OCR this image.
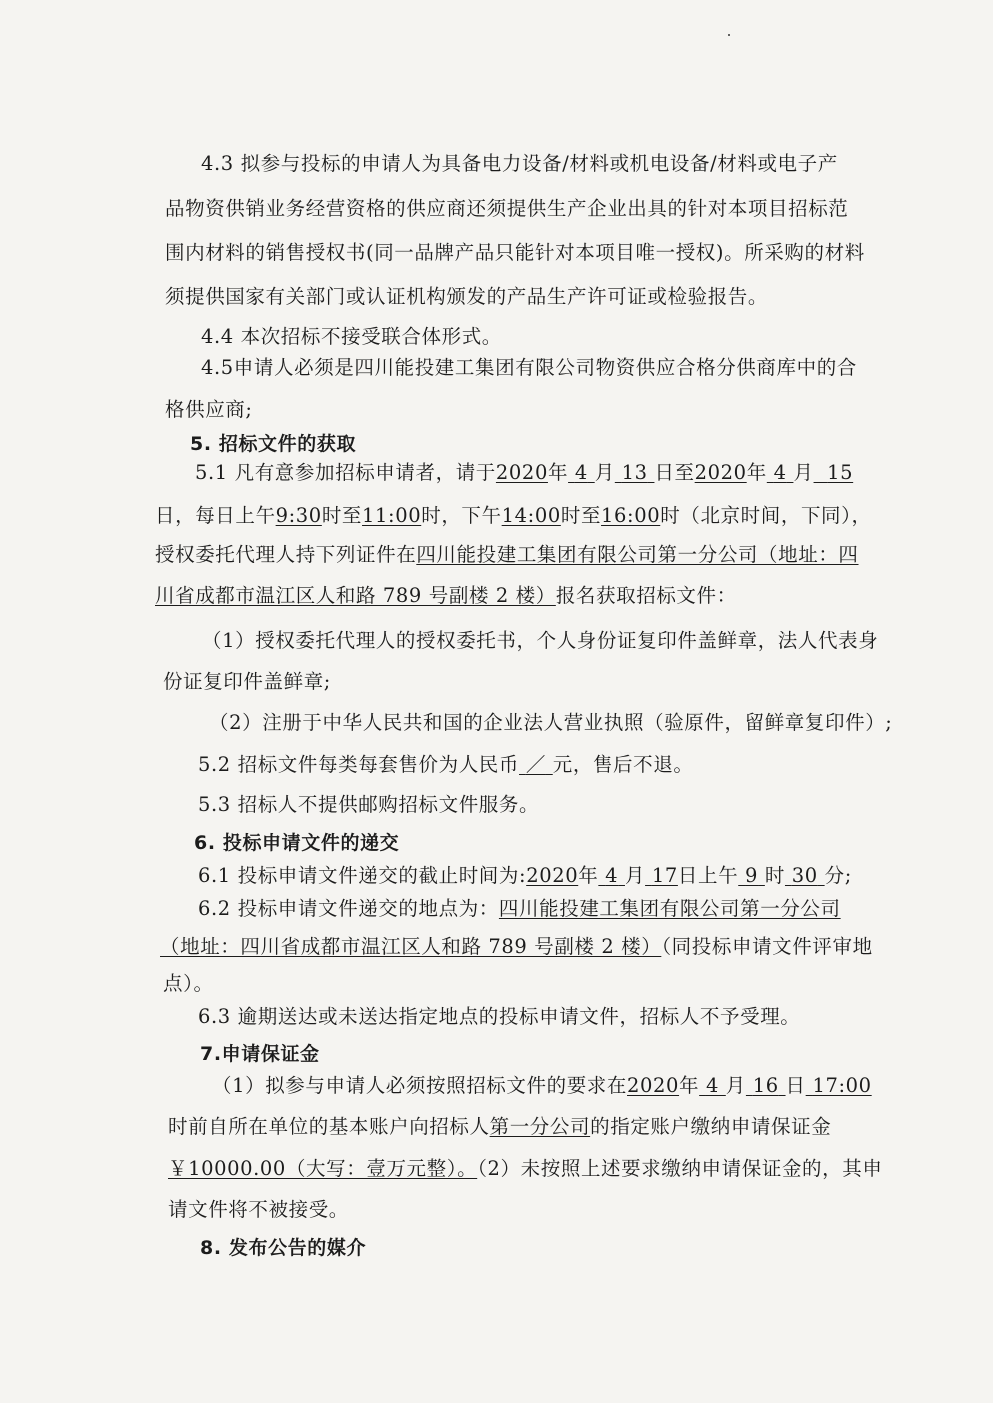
4.3 拟参与投标的申请人为具备电力设备/材料或机电设备/材料或电子产
品物资供销业务经营资格的供应商还须提供生产企业出具的针对本项目招标范
围内材料的销售授权书(同一品牌产品只能针对本项目唯一授权)。所采购的材料
须提供国家有关部门或认证机构颁发的产品生产许可证或检验报告。
4.4 本次招标不接受联合体形式。
4.5申请人必须是四川能投建工集团有限公司物资供应合格分供商库中的合
格供应商;
5. 招标文件的获取
5.1 凡有意参加招标申请者，请于2020年 4 月 13 日至2020年 4 月 15
日，每日上午9:30时至11:00时，下午14:00时至16:00时（北京时间，下同），
授权委托代理人持下列证件在四川能投建工集团有限公司第一分公司（地址：四
川省成都市温江区人和路 789 号副楼 2 楼）报名获取招标文件：
（1）授权委托代理人的授权委托书，个人身份证复印件盖鲜章，法人代表身
份证复印件盖鲜章;
（2）注册于中华人民共和国的企业法人营业执照（验原件，留鲜章复印件）;
5.2 招标文件每类每套售价为人民币 ／ 元，售后不退。
5.3 招标人不提供邮购招标文件服务。
6. 投标申请文件的递交
6.1 投标申请文件递交的截止时间为:2020年 4 月 17日上午 9 时 30 分;
6.2 投标申请文件递交的地点为：四川能投建工集团有限公司第一分公司
（地址：四川省成都市温江区人和路 789 号副楼 2 楼）（同投标申请文件评审地
点）。
6.3 逾期送达或未送达指定地点的投标申请文件，招标人不予受理。
7.申请保证金
（1）拟参与申请人必须按照招标文件的要求在2020年 4 月 16 日 17:00
时前自所在单位的基本账户向招标人第一分公司的指定账户缴纳申请保证金
￥10000.00（大写：壹万元整）。（2）未按照上述要求缴纳申请保证金的，其申
请文件将不被接受。
8. 发布公告的媒介
